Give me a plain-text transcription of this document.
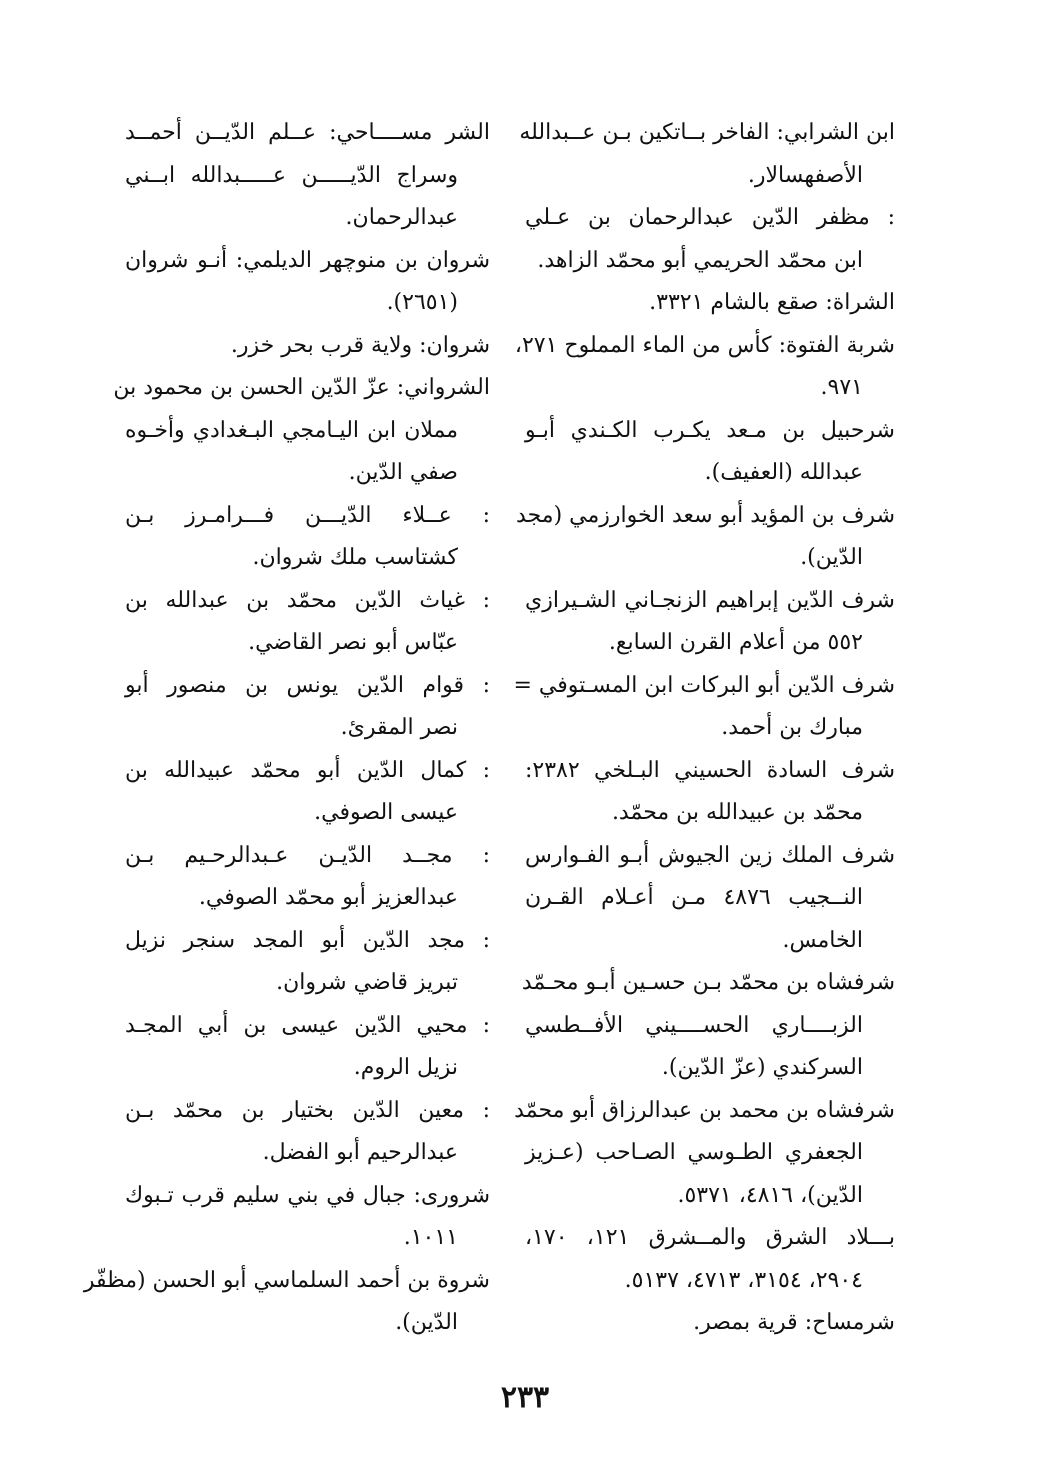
ابن الشرابي: الفاخر بــاتكين بـن عــبدالله
الأصفهسالار.
: مظفر الدّين عبدالرحمان بن عـلي
ابن محمّد الحريمي أبو محمّد الزاهد.
الشراة: صقع بالشام ٣٣٢١.
شربة الفتوة: كأس من الماء المملوح ٢٧١،
٩٧١.
شرحبيل بن مـعد يكـرب الكـندي أبـو
عبدالله (العفيف).
شرف بن المؤيد أبو سعد الخوارزمي (مجد
الدّين).
شرف الدّين إبراهيم الزنجـاني الشـيرازي
٥٥٢ من أعلام القرن السابع.
شرف الدّين أبو البركات ابن المسـتوفي =
مبارك بن أحمد.
شرف السادة الحسيني البـلخي ٢٣٨٢:
محمّد بن عبيدالله بن محمّد.
شرف الملك زين الجيوش أبـو الفـوارس
النــجيب ٤٨٧٦ مـن أعـلام القـرن
الخامس.
شرفشاه بن محمّد بـن حسـين أبـو محـمّد
الزبــــاري الحســــيني الأفــطسي
السركندي (عزّ الدّين).
شرفشاه بن محمد بن عبدالرزاق أبو محمّد
الجعفري الطـوسي الصـاحب (عـزيز
الدّين)، ٤٨١٦، ٥٣٧١.
بـــلاد الشرق والمــشرق ١٢١، ١٧٠،
٢٩٠٤، ٣١٥٤، ٤٧١٣، ٥١٣٧.
شرمساح: قرية بمصر.
الشر مســــاحي: عــلم الدّيــن أحمــد
وسراج الدّيـــــن عـــــبدالله ابــني
عبدالرحمان.
شروان بن منوچهر الديلمي: أنـو شروان
(٢٦٥١).
شروان: ولاية قرب بحر خزر.
الشرواني: عزّ الدّين الحسن بن محمود بن
مملان ابن اليـامجي البـغدادي وأخـوه
صفي الدّين.
: عــلاء الدّيـــن فـــرامـرز بـن
كشتاسب ملك شروان.
: غياث الدّين محمّد بن عبدالله بن
عبّاس أبو نصر القاضي.
: قوام الدّين يونس بن منصور أبو
نصر المقرئ.
: كمال الدّين أبو محمّد عبيدالله بن
عيسى الصوفي.
: مجــد الدّيـن عـبدالرحـيم بـن
عبدالعزيز أبو محمّد الصوفي.
: مجد الدّين أبو المجد سنجر نزيل
تبريز قاضي شروان.
: محيي الدّين عيسى بن أبي المجـد
نزيل الروم.
: معين الدّين بختيار بن محمّد بـن
عبدالرحيم أبو الفضل.
شروری: جبال في بني سليم قرب تـبوك
١٠١١.
شروة بن أحمد السلماسي أبو الحسن (مظفّر
الدّين).
٢٣٣
